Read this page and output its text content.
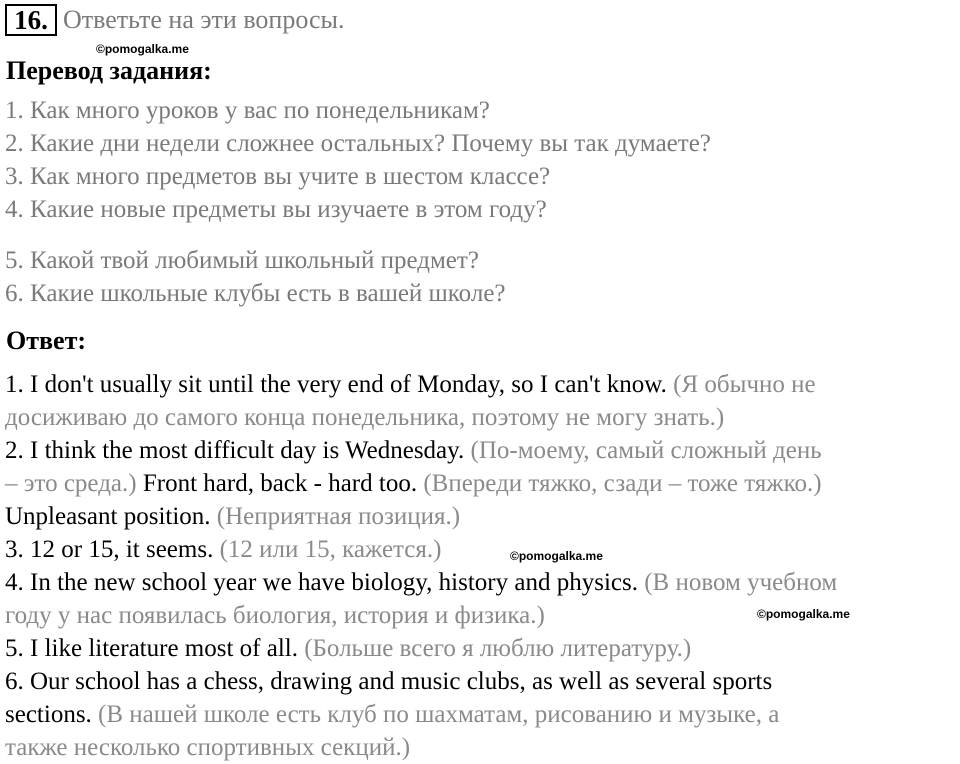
16. Ответьте на эти вопросы.
©pomogalka.me
Перевод задания:
1. Как много уроков у вас по понедельникам?
2. Какие дни недели сложнее остальных? Почему вы так думаете?
3. Как много предметов вы учите в шестом классе?
4. Какие новые предметы вы изучаете в этом году?
5. Какой твой любимый школьный предмет?
6. Какие школьные клубы есть в вашей школе?
Ответ:
1. I don't usually sit until the very end of Monday, so I can't know. (Я обычно не
досиживаю до самого конца понедельника, поэтому не могу знать.)
2. I think the most difficult day is Wednesday. (По-моему, самый сложный день
– это среда.) Front hard, back - hard too. (Впереди тяжко, сзади – тоже тяжко.)
Unpleasant position. (Неприятная позиция.)
3. 12 or 15, it seems. (12 или 15, кажется.)	©pomogalka.me
4. In the new school year we have biology, history and physics. (В новом учебном
году у нас появилась биология, история и физика.)	©pomogalka.me
5. I like literature most of all. (Больше всего я люблю литературу.)
6. Our school has a chess, drawing and music clubs, as well as several sports
sections. (В нашей школе есть клуб по шахматам, рисованию и музыке, а
также несколько спортивных секций.)
